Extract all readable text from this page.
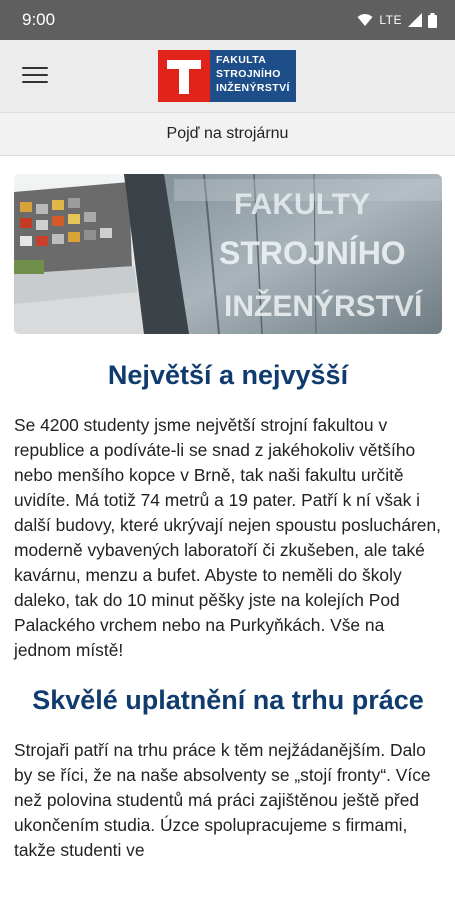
9:00	LTE
FAKULTA
STROJNÍHO
INŽENÝRSTVÍ
Pojď na strojárnu
FAKULTY
STROJNÍHO
INŽENÝRSTVÍ
Největší a nejvyšší

Se 4200 studenty jsme největší strojní fakultou v republice a podíváte-li se snad z jakéhokoliv většího nebo menšího kopce v Brně, tak naši fakultu určitě uvidíte. Má totiž 74 metrů a 19 pater. Patří k ní však i další budovy, které ukrývají nejen spoustu poslucháren, moderně vybavených laboratoří či zkušeben, ale také kavárnu, menzu a bufet. Abyste to neměli do školy daleko, tak do 10 minut pěšky jste na kolejích Pod Palackého vrchem nebo na Purkyňkách. Vše na jednom místě!

Skvělé uplatnění na trhu práce

Strojaři patří na trhu práce k těm nejžádanějším. Dalo by se říci, že na naše absolventy se „stojí fronty“. Více než polovina studentů má práci zajištěnou ještě před ukončením studia. Úzce spolupracujeme s firmami, takže studenti ve
